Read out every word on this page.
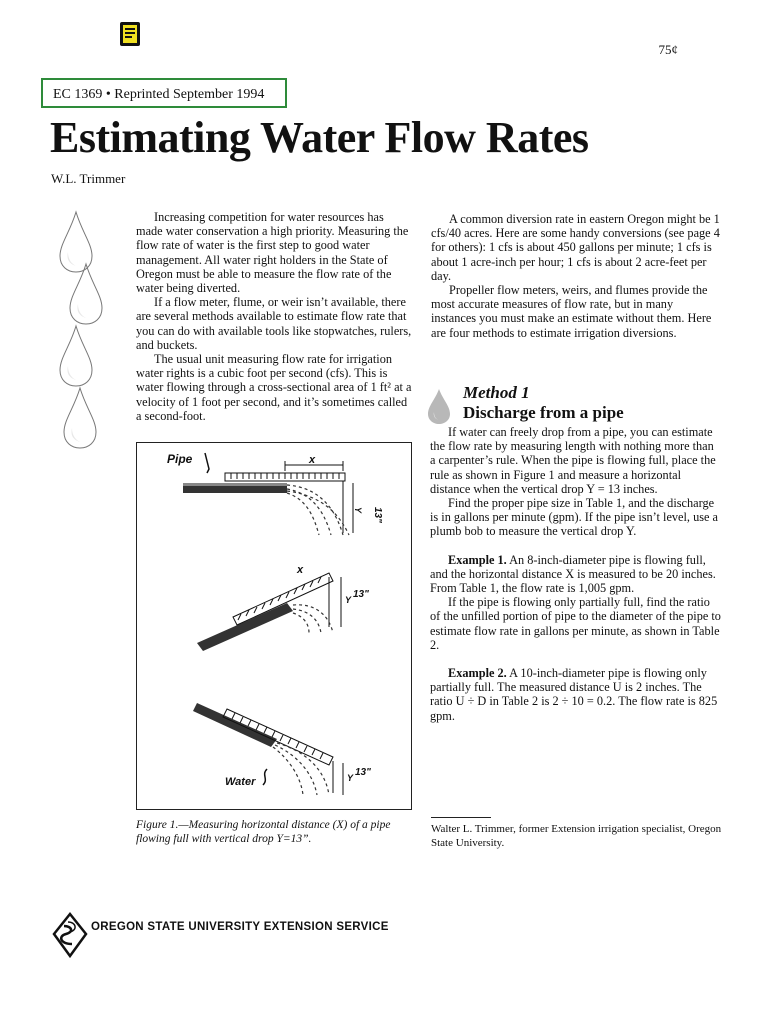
75¢
EC 1369 • Reprinted September 1994
Estimating Water Flow Rates
W.L. Trimmer

Increasing competition for water resources has made water conservation a high priority. Measuring the flow rate of water is the first step to good water management. All water right holders in the State of Oregon must be able to measure the flow rate of the water being diverted.

If a flow meter, flume, or weir isn’t available, there are several methods available to estimate flow rate that you can do with available tools like stopwatches, rulers, and buckets.

The usual unit measuring flow rate for irrigation water rights is a cubic foot per second (cfs). This is water flowing through a cross-sectional area of 1 ft² at a velocity of 1 foot per second, and it’s sometimes called a second-foot.

A common diversion rate in eastern Oregon might be 1 cfs/40 acres. Here are some handy conversions (see page 4 for others): 1 cfs is about 450 gallons per minute; 1 cfs is about 1 acre-inch per hour; 1 cfs is about 2 acre-feet per day.

Propeller flow meters, weirs, and flumes provide the most accurate measures of flow rate, but in many instances you must make an estimate without them. Here are four methods to estimate irrigation diversions.

Method 1
Discharge from a pipe

If water can freely drop from a pipe, you can estimate the flow rate by measuring length with nothing more than a carpenter’s rule. When the pipe is flowing full, place the rule as shown in Figure 1 and measure a horizontal distance when the vertical drop Y = 13 inches.

Find the proper pipe size in Table 1, and the discharge is in gallons per minute (gpm). If the pipe isn’t level, use a plumb bob to measure the vertical drop Y.

Example 1. An 8-inch-diameter pipe is flowing full, and the horizontal distance X is measured to be 20 inches. From Table 1, the flow rate is 1,005 gpm.

If the pipe is flowing only partially full, find the ratio of the unfilled portion of pipe to the diameter of the pipe to estimate flow rate in gallons per minute, as shown in Table 2.

Example 2. A 10-inch-diameter pipe is flowing only partially full. The measured distance U is 2 inches. The ratio U ÷ D in Table 2 is 2 ÷ 10 = 0.2. The flow rate is 825 gpm.

Pipe	x
Y 13"
x
Y 13"
Water	Y 13"
Figure 1.—Measuring horizontal distance (X) of a pipe flowing full with vertical drop Y=13”.
Walter L. Trimmer, former Extension irrigation specialist, Oregon State University.
OREGON STATE UNIVERSITY EXTENSION SERVICE
